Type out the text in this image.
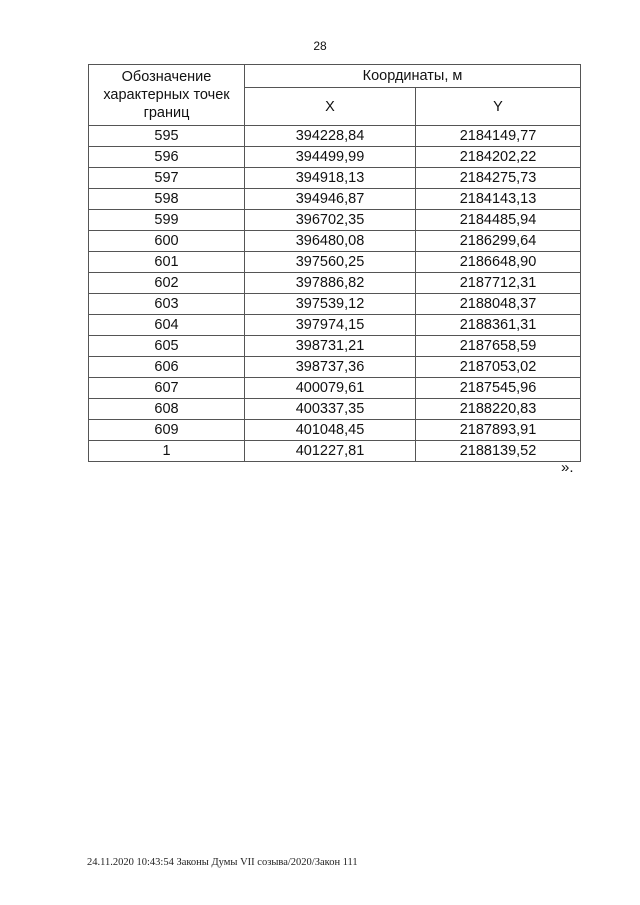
28
Обозначение характерных точек границ	Координаты, м	
	X	Y
595	394228,84	2184149,77
596	394499,99	2184202,22
597	394918,13	2184275,73
598	394946,87	2184143,13
599	396702,35	2184485,94
600	396480,08	2186299,64
601	397560,25	2186648,90
602	397886,82	2187712,31
603	397539,12	2188048,37
604	397974,15	2188361,31
605	398731,21	2187658,59
606	398737,36	2187053,02
607	400079,61	2187545,96
608	400337,35	2188220,83
609	401048,45	2187893,91
1	401227,81	2188139,52
».
24.11.2020 10:43:54 Законы Думы VII созыва/2020/Закон 111
